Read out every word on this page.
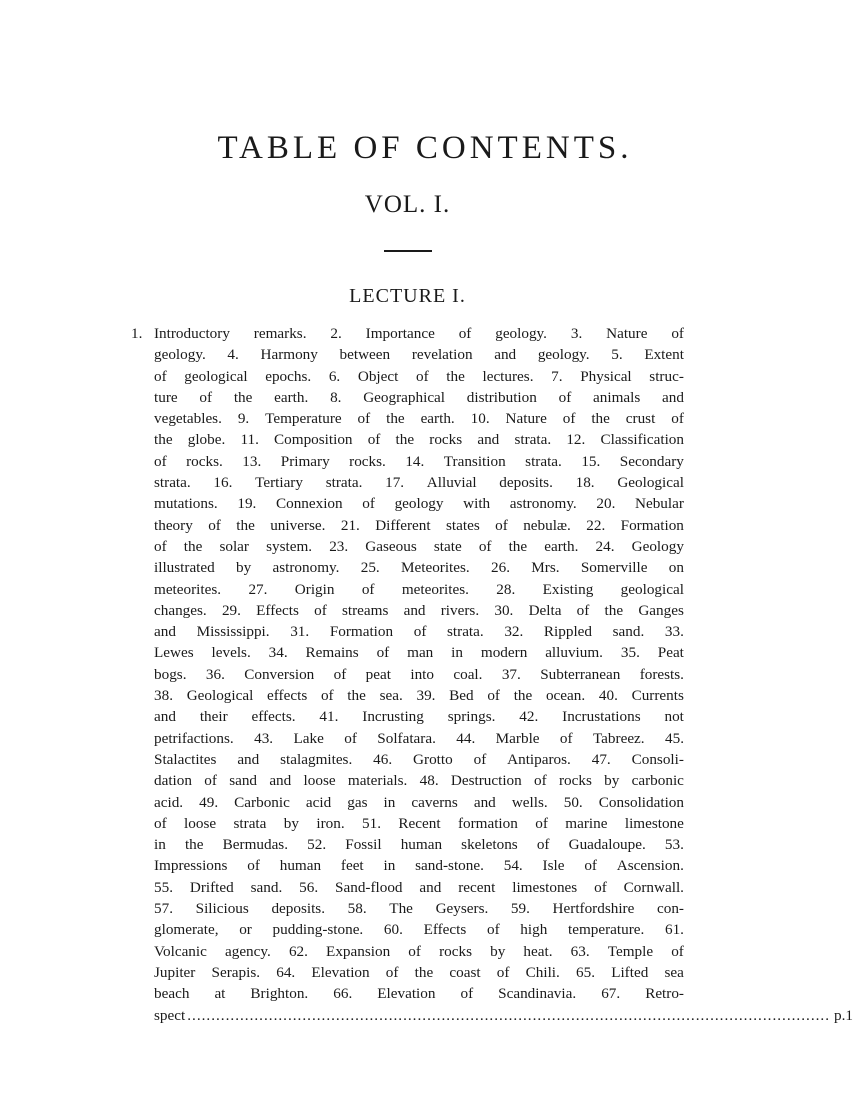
TABLE OF CONTENTS.
VOL. I.
LECTURE I.
1. Introductory remarks. 2. Importance of geology. 3. Nature of
geology. 4. Harmony between revelation and geology. 5. Extent
of geological epochs. 6. Object of the lectures. 7. Physical struc-
ture of the earth. 8. Geographical distribution of animals and
vegetables. 9. Temperature of the earth. 10. Nature of the crust of
the globe. 11. Composition of the rocks and strata. 12. Classification
of rocks. 13. Primary rocks. 14. Transition strata. 15. Secondary
strata. 16. Tertiary strata. 17. Alluvial deposits. 18. Geological
mutations. 19. Connexion of geology with astronomy. 20. Nebular
theory of the universe. 21. Different states of nebulæ. 22. Formation
of the solar system. 23. Gaseous state of the earth. 24. Geology
illustrated by astronomy. 25. Meteorites. 26. Mrs. Somerville on
meteorites. 27. Origin of meteorites. 28. Existing geological
changes. 29. Effects of streams and rivers. 30. Delta of the Ganges
and Mississippi. 31. Formation of strata. 32. Rippled sand. 33.
Lewes levels. 34. Remains of man in modern alluvium. 35. Peat
bogs. 36. Conversion of peat into coal. 37. Subterranean forests.
38. Geological effects of the sea. 39. Bed of the ocean. 40. Currents
and their effects. 41. Incrusting springs. 42. Incrustations not
petrifactions. 43. Lake of Solfatara. 44. Marble of Tabreez. 45.
Stalactites and stalagmites. 46. Grotto of Antiparos. 47. Consoli-
dation of sand and loose materials. 48. Destruction of rocks by carbonic
acid. 49. Carbonic acid gas in caverns and wells. 50. Consolidation
of loose strata by iron. 51. Recent formation of marine limestone
in the Bermudas. 52. Fossil human skeletons of Guadaloupe. 53.
Impressions of human feet in sand-stone. 54. Isle of Ascension.
55. Drifted sand. 56. Sand-flood and recent limestones of Cornwall.
57. Silicious deposits. 58. The Geysers. 59. Hertfordshire con-
glomerate, or pudding-stone. 60. Effects of high temperature. 61.
Volcanic agency. 62. Expansion of rocks by heat. 63. Temple of
Jupiter Serapis. 64. Elevation of the coast of Chili. 65. Lifted sea
beach at Brighton. 66. Elevation of Scandinavia. 67. Retro-
spect ...................................................................................................................................... p.1
